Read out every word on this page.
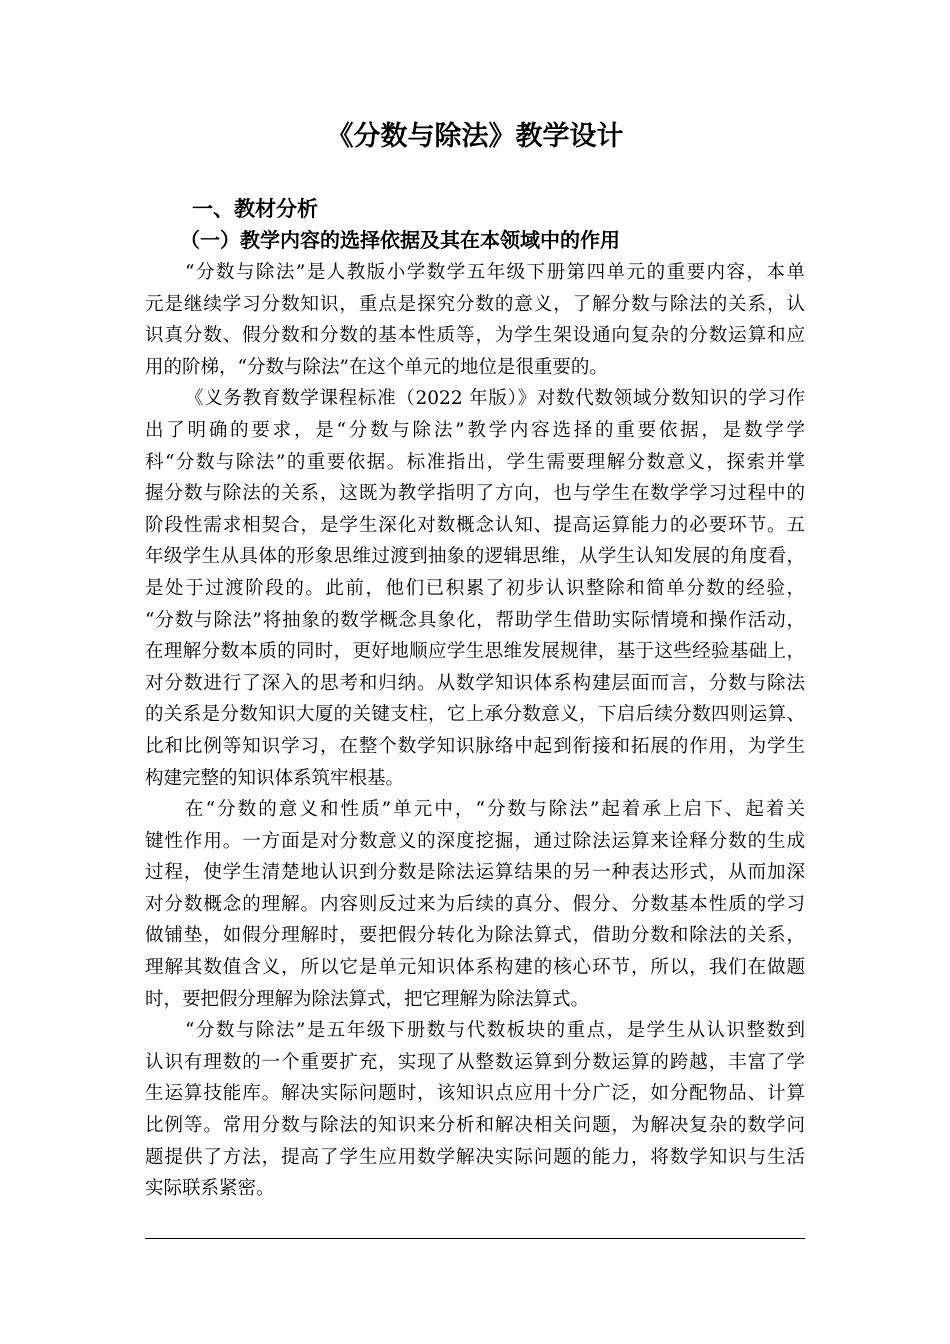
《分数与除法》教学设计
一、教材分析
（一）教学内容的选择依据及其在本领域中的作用
“分数与除法”是人教版小学数学五年级下册第四单元的重要内容，本单
元是继续学习分数知识，重点是探究分数的意义，了解分数与除法的关系，认
识真分数、假分数和分数的基本性质等，为学生架设通向复杂的分数运算和应
用的阶梯，“分数与除法”在这个单元的地位是很重要的。
《义务教育数学课程标准（2022 年版）》对数代数领域分数知识的学习作
出了明确的要求，是“分数与除法”教学内容选择的重要依据，是数学学
科“分数与除法”的重要依据。标准指出，学生需要理解分数意义，探索并掌
握分数与除法的关系，这既为教学指明了方向，也与学生在数学学习过程中的
阶段性需求相契合，是学生深化对数概念认知、提高运算能力的必要环节。五
年级学生从具体的形象思维过渡到抽象的逻辑思维，从学生认知发展的角度看，
是处于过渡阶段的。此前，他们已积累了初步认识整除和简单分数的经验，
“分数与除法”将抽象的数学概念具象化，帮助学生借助实际情境和操作活动，
在理解分数本质的同时，更好地顺应学生思维发展规律，基于这些经验基础上，
对分数进行了深入的思考和归纳。从数学知识体系构建层面而言，分数与除法
的关系是分数知识大厦的关键支柱，它上承分数意义，下启后续分数四则运算、
比和比例等知识学习，在整个数学知识脉络中起到衔接和拓展的作用，为学生
构建完整的知识体系筑牢根基。
在“分数的意义和性质”单元中，“分数与除法”起着承上启下、起着关
键性作用。一方面是对分数意义的深度挖掘，通过除法运算来诠释分数的生成
过程，使学生清楚地认识到分数是除法运算结果的另一种表达形式，从而加深
对分数概念的理解。内容则反过来为后续的真分、假分、分数基本性质的学习
做铺垫，如假分理解时，要把假分转化为除法算式，借助分数和除法的关系，
理解其数值含义，所以它是单元知识体系构建的核心环节，所以，我们在做题
时，要把假分理解为除法算式，把它理解为除法算式。
“分数与除法”是五年级下册数与代数板块的重点，是学生从认识整数到
认识有理数的一个重要扩充，实现了从整数运算到分数运算的跨越，丰富了学
生运算技能库。解决实际问题时，该知识点应用十分广泛，如分配物品、计算
比例等。常用分数与除法的知识来分析和解决相关问题，为解决复杂的数学问
题提供了方法，提高了学生应用数学解决实际问题的能力，将数学知识与生活
实际联系紧密。
